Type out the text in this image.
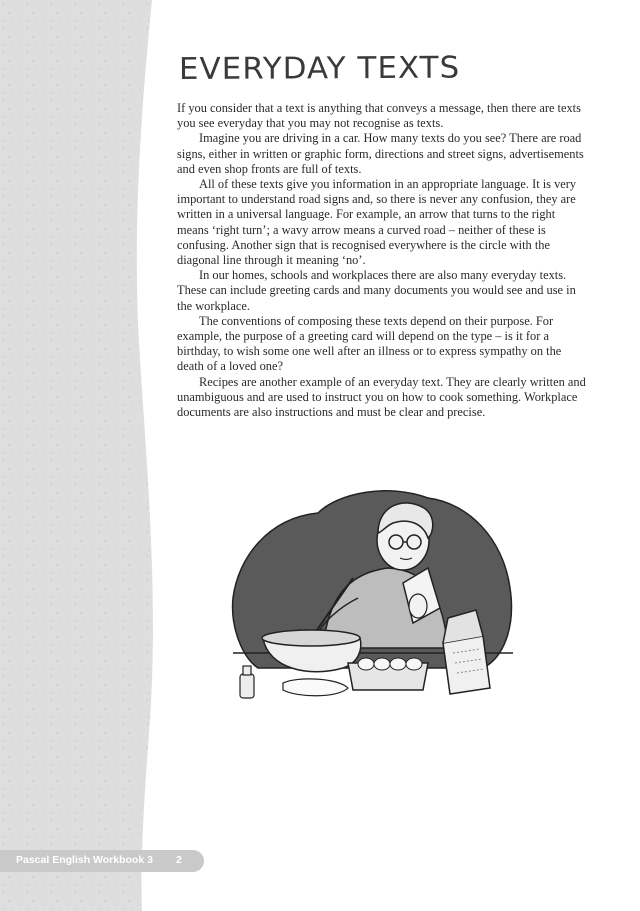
EVERYDAY TEXTS

If you consider that a text is anything that conveys a message, then there are texts you see everyday that you may not recognise as texts.

Imagine you are driving in a car. How many texts do you see? There are road signs, either in written or graphic form, directions and street signs, advertisements and even shop fronts are full of texts.

All of these texts give you information in an appropriate language. It is very important to understand road signs and, so there is never any confusion, they are written in a universal language. For example, an arrow that turns to the right means ‘right turn’; a wavy arrow means a curved road – neither of these is confusing. Another sign that is recognised everywhere is the circle with the diagonal line through it meaning ‘no’.

In our homes, schools and workplaces there are also many everyday texts. These can include greeting cards and many documents you would see and use in the workplace.

The conventions of composing these texts depend on their purpose. For example, the purpose of a greeting card will depend on the type – is it for a birthday, to wish some one well after an illness or to express sympathy on the death of a loved one?

Recipes are another example of an everyday text. They are clearly written and unambiguous and are used to instruct you on how to cook something. Workplace documents are also instructions and must be clear and precise.

Pascal English Workbook 3 2
